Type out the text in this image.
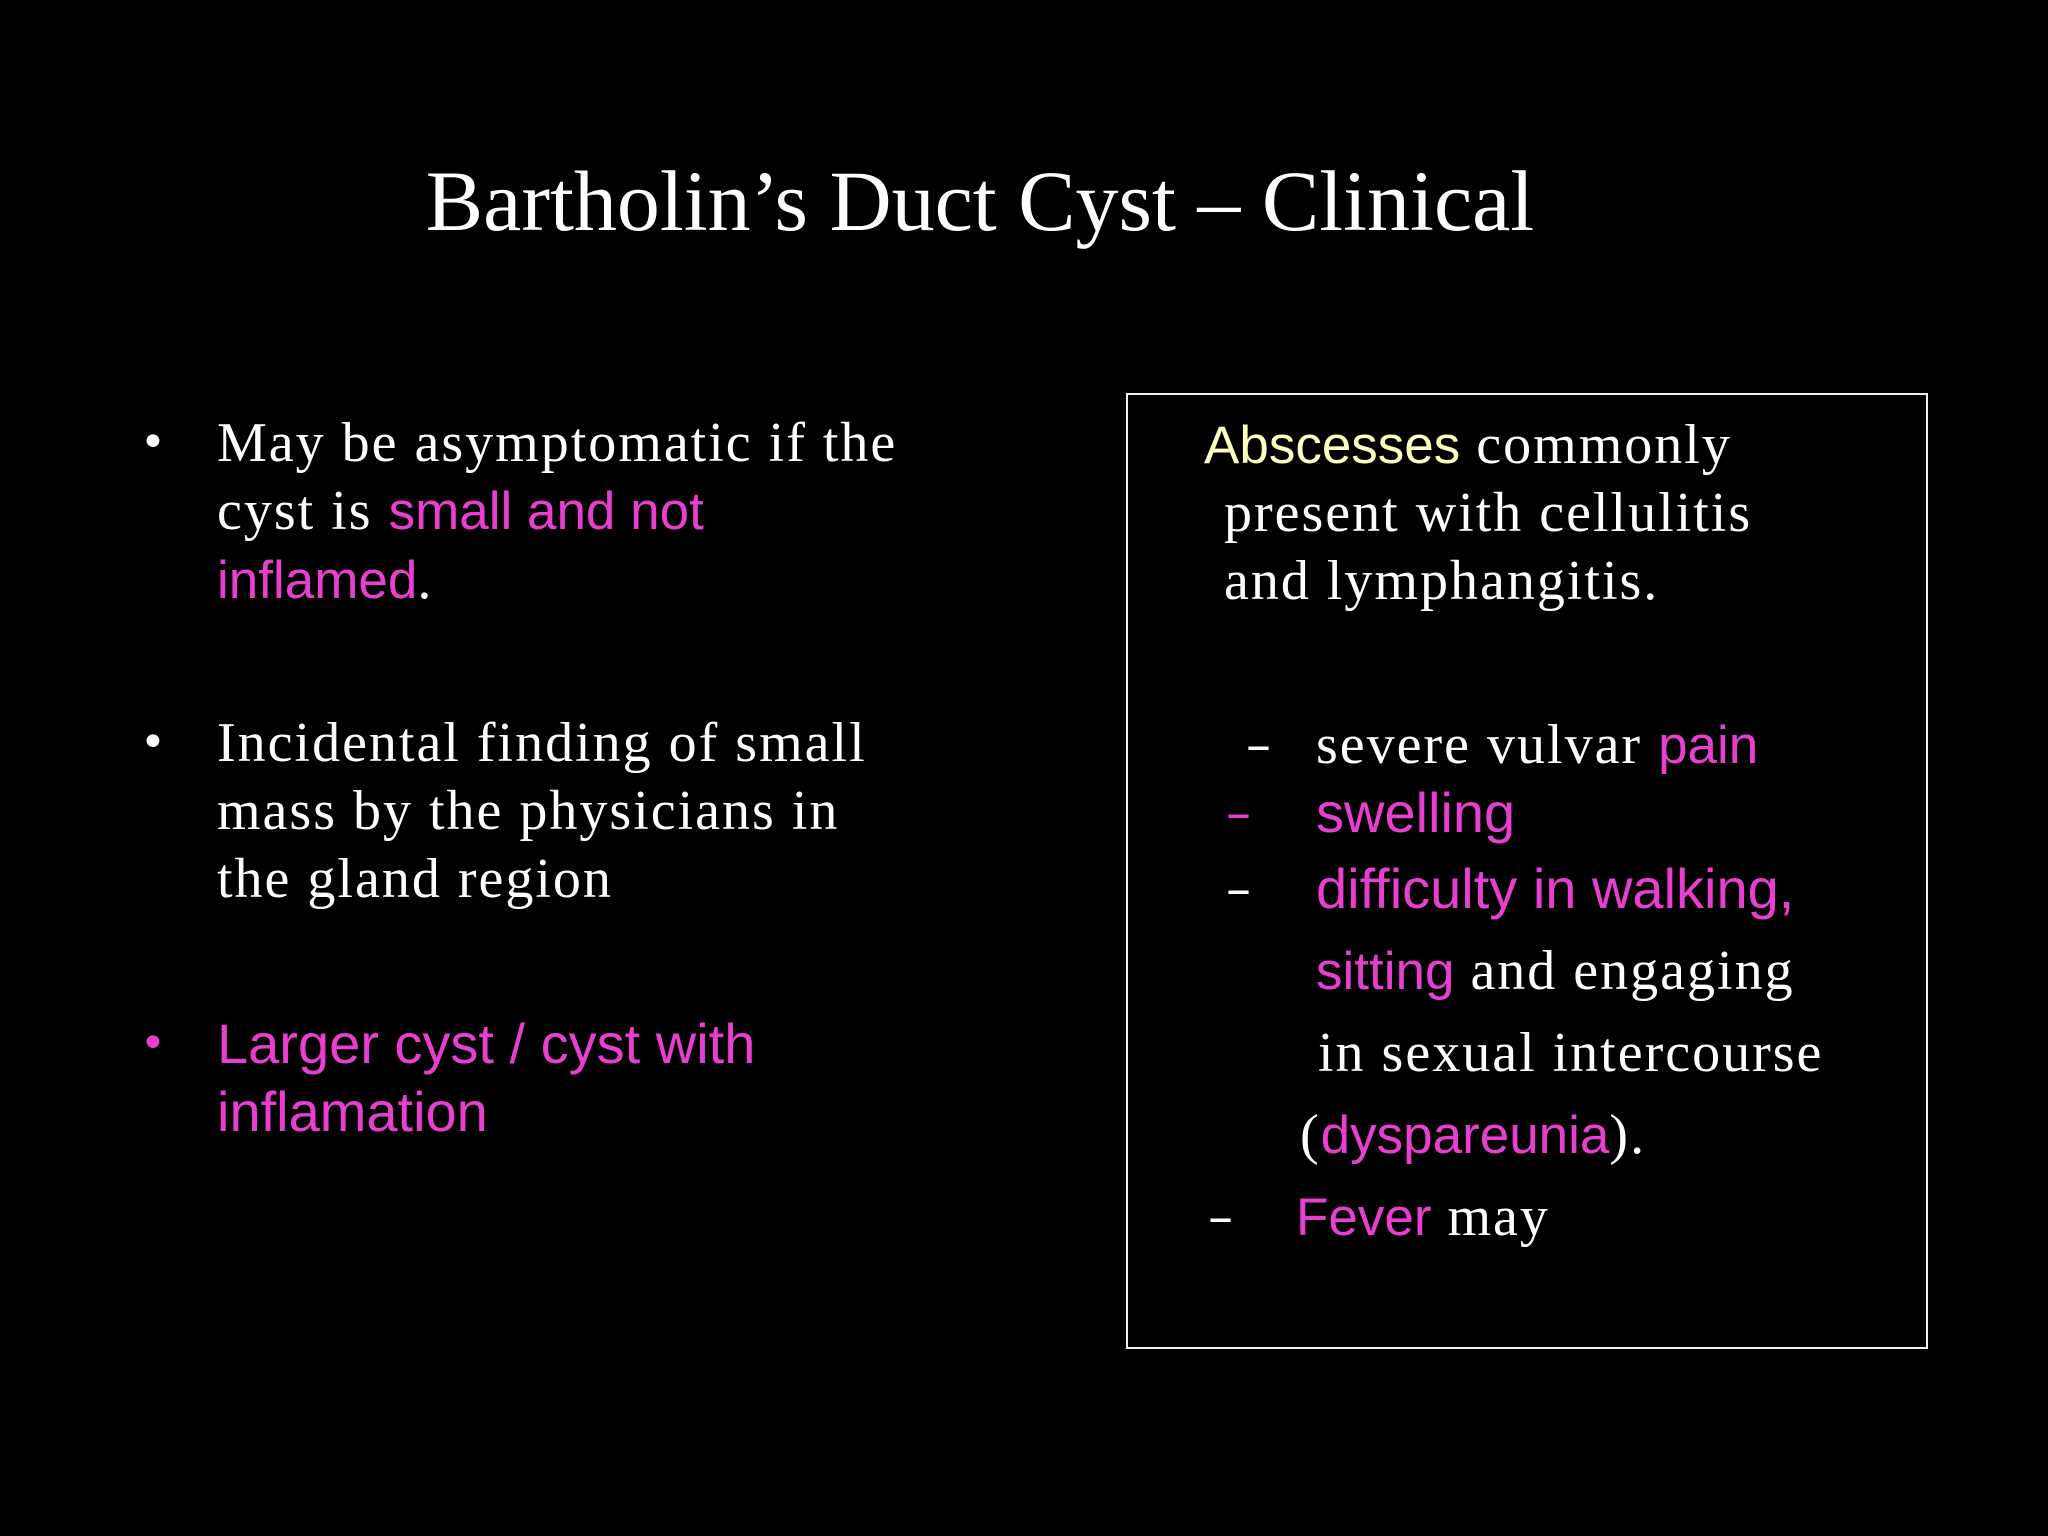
Bartholin’s Duct Cyst – Clinical
• May be asymptomatic if the
cyst is small and not
inflamed.
• Incidental finding of small
mass by the physicians in
the gland region
• Larger cyst / cyst with
inflamation
Abscesses commonly
present with cellulitis
and lymphangitis.
– severe vulvar pain
– swelling
– difficulty in walking,
sitting and engaging
in sexual intercourse
(dyspareunia).
– Fever may
